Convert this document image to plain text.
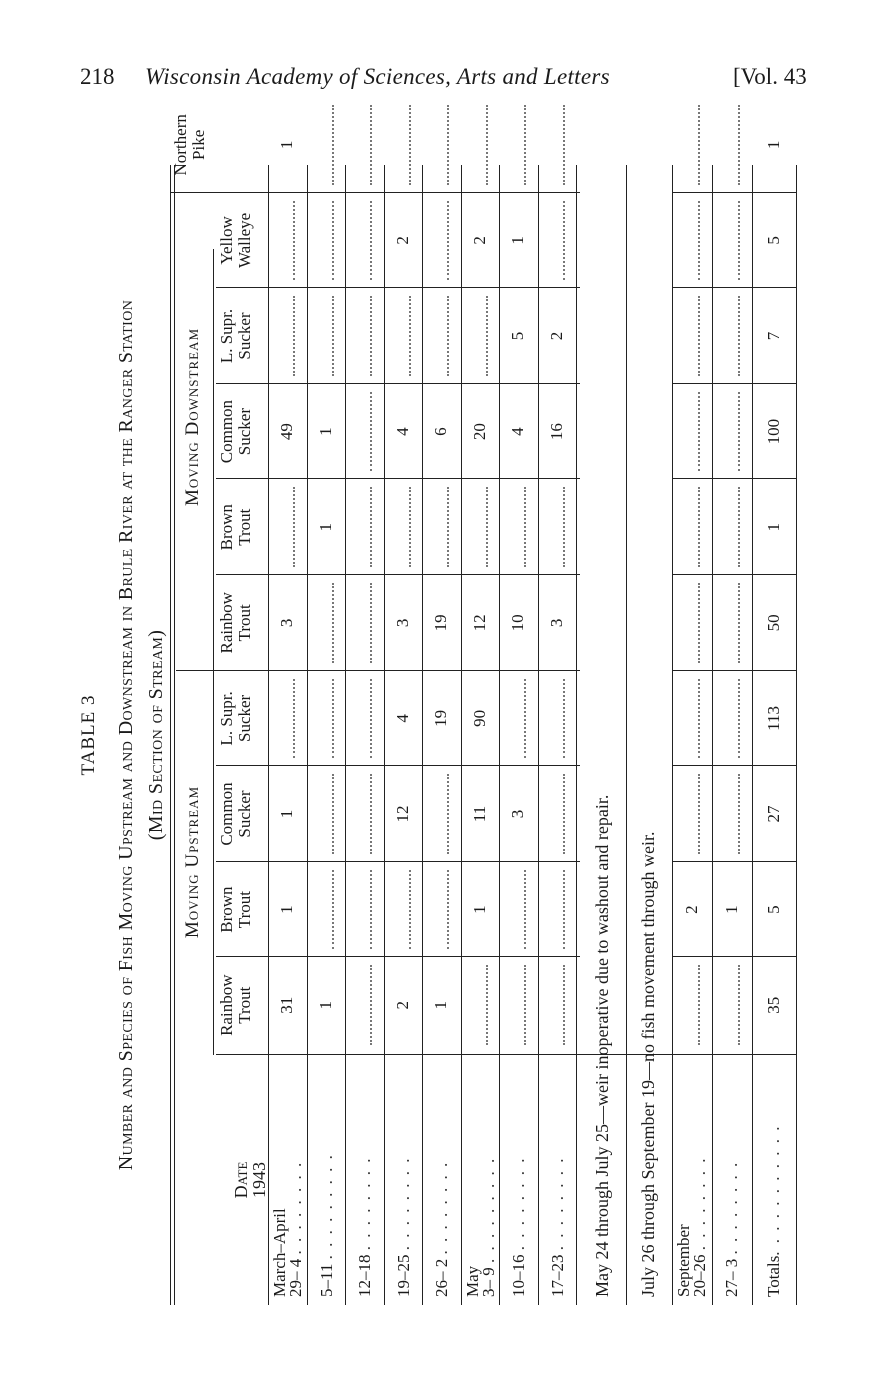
218 Wisconsin Academy of Sciences, Arts and Letters	[Vol. 43
TABLE 3 Number and Species of Fish Moving Upstream and Downstream in Brule River at the Ranger Station (Mid Section of Stream)
Moving Upstream
Moving Downstream
Date
1943
Rainbow Trout
Brown Trout
Common Sucker
L. Supr. Sucker
Rainbow Trout
Brown Trout
Common Sucker
L. Supr. Sucker
Yellow Walleye
Northern Pike
March–April
29– 4 . . . . . . . .
31
1
1
3
49
1
5–11 . . . . . . . . .
1
1
1
12–18 . . . . . . . .
19–25 . . . . . . . .
2
12
4
3
4
2
26– 2 . . . . . . . .
1
19
19
6
May
3– 9 . . . . . . . . .
1
11
90
12
20
2
10–16 . . . . . . . .
3
10
4
5
1
17–23 . . . . . . . .
3
16
2
May 24 through July 25—weir inoperative due to washout and repair. July 26 through September 19—no fish movement through weir. September
20–26 . . . . . . . .
2
27– 3 . . . . . . . .
1
Totals. . . . . . . . . . .
35
5
27
113
50
1
100
7
5
1
